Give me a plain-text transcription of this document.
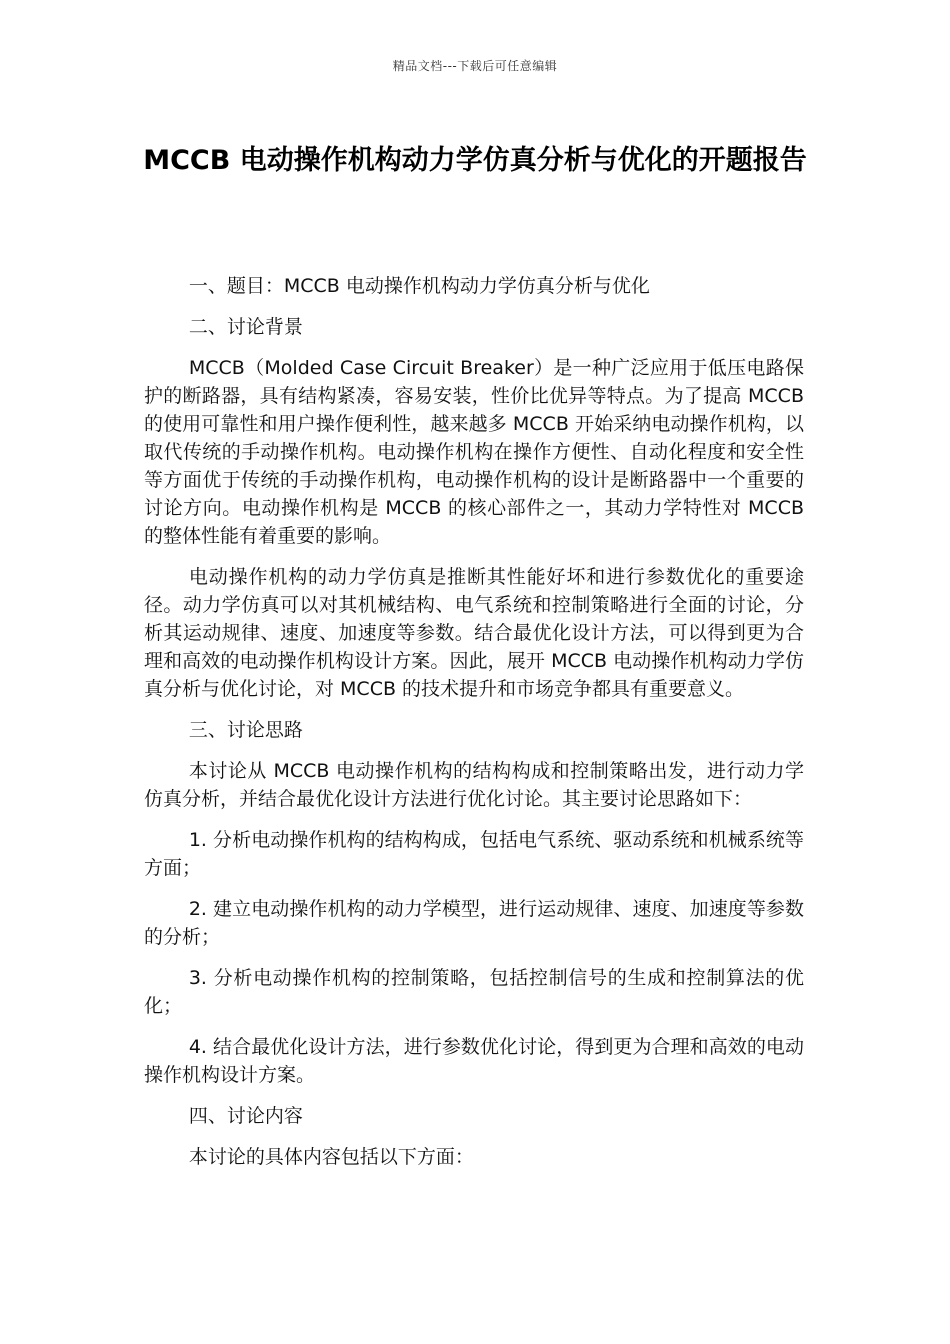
精品文档---下载后可任意编辑
MCCB 电动操作机构动力学仿真分析与优化的开题报告

一、题目：MCCB 电动操作机构动力学仿真分析与优化

二、讨论背景

MCCB（Molded Case Circuit Breaker）是一种广泛应用于低压电路保护的断路器，具有结构紧凑，容易安装，性价比优异等特点。为了提高 MCCB 的使用可靠性和用户操作便利性，越来越多 MCCB 开始采纳电动操作机构，以取代传统的手动操作机构。电动操作机构在操作方便性、自动化程度和安全性等方面优于传统的手动操作机构，电动操作机构的设计是断路器中一个重要的讨论方向。电动操作机构是 MCCB 的核心部件之一，其动力学特性对 MCCB 的整体性能有着重要的影响。

电动操作机构的动力学仿真是推断其性能好坏和进行参数优化的重要途径。动力学仿真可以对其机械结构、电气系统和控制策略进行全面的讨论，分析其运动规律、速度、加速度等参数。结合最优化设计方法，可以得到更为合理和高效的电动操作机构设计方案。因此，展开 MCCB 电动操作机构动力学仿真分析与优化讨论，对 MCCB 的技术提升和市场竞争都具有重要意义。

三、讨论思路

本讨论从 MCCB 电动操作机构的结构构成和控制策略出发，进行动力学仿真分析，并结合最优化设计方法进行优化讨论。其主要讨论思路如下：

1. 分析电动操作机构的结构构成，包括电气系统、驱动系统和机械系统等方面；

2. 建立电动操作机构的动力学模型，进行运动规律、速度、加速度等参数的分析；

3. 分析电动操作机构的控制策略，包括控制信号的生成和控制算法的优化；

4. 结合最优化设计方法，进行参数优化讨论，得到更为合理和高效的电动操作机构设计方案。

四、讨论内容

本讨论的具体内容包括以下方面：
